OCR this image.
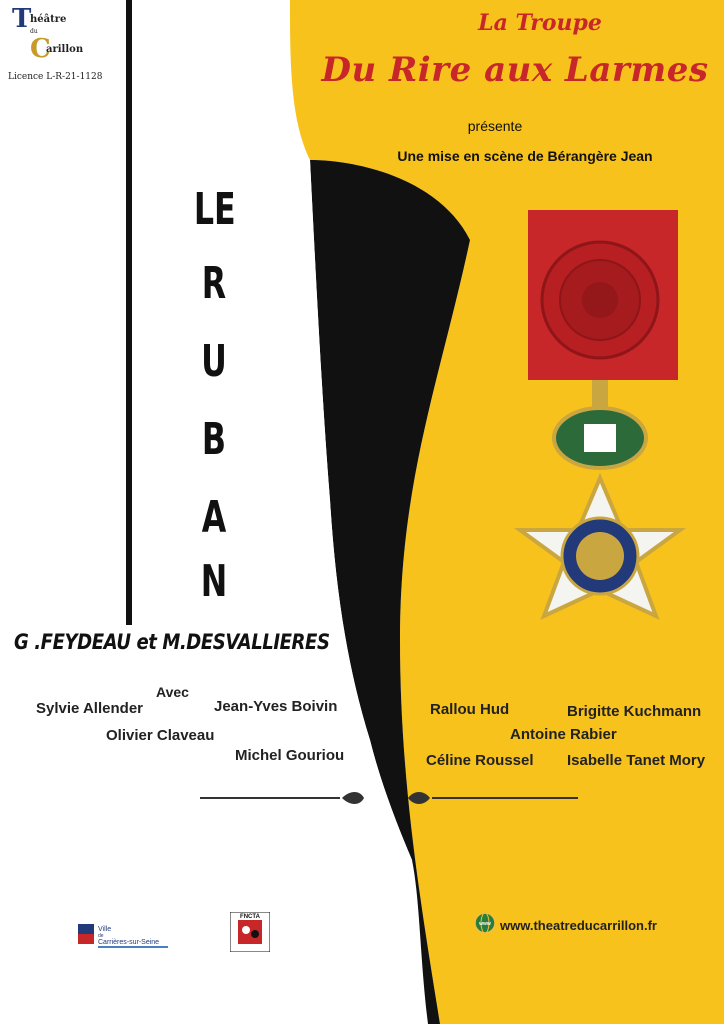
T
héâtre
du
C
arillon
Licence L-R-21-1128
La Troupe
Du Rire aux Larmes
présente
Une mise en scène de Bérangère Jean
LE
R
U
B
A
N
G .FEYDEAU et M.DESVALLIERES
Avec
Sylvie Allender	Jean-Yves Boivin
Olivier Claveau
Michel Gouriou
Rallou Hud	Brigitte Kuchmann
Antoine Rabier
Céline Roussel Isabelle Tanet Mory
Ville
de
Carrières-sur-Seine
FNCTA
www www.theatreducarrillon.fr
